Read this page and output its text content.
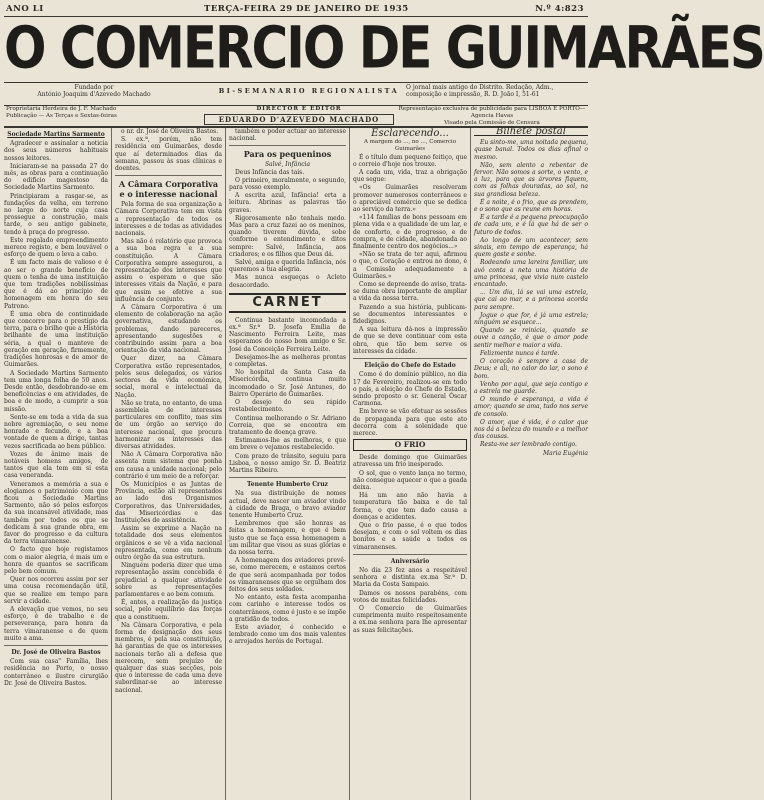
ANO LI	TERÇA-FEIRA 29 DE JANEIRO DE 1935	N.º 4:823
O COMERCIO DE GUIMARÃES
Fundado por
António Joaquim d'Azevedo Machado	BI-SEMANARIO REGIONALISTA	O jornal mais antigo do Distrito. Redação, Adm., composição e impressão, R. D. João I, 51-61
Proprietária Herdeira de J. F. Machado
Publicação — As Terças e Sextas-feiras
DIRECTOR E EDITOR
EDUARDO D'AZEVEDO MACHADO
Representação exclusiva de publicidade para LISBOA E PORTO—Agencia Havas
Visado pela Comissão de Censura
Sociedade Martins Sarmento

Agradecer e assinalar a noticia dos seus números habituais nossos leitores.

Iniciaram-se na passada 27 do mês, as obras para a continuação do edifício magestoso da Sociedade Martins Sarmento.

Principiaram a rasgar-se, as fundações da velha, em terreno no largo do norte cuja casa prossegue a construção, mais tarde, o seu antigo gabinete, tendo à praça do progresso.

Este regalado empreendimento merece registo, e bem louvável o esforço de quem o leva a cabo.

É um facto mais de valioso e é ao ser o grande benefício de quem o tenha de uma instituição que tem tradições nobilíssimas que é dá ao princípio de homenagem em honra do seu Patrono.

É uma obra de continuidade que concorre para o prestígio da terra, para o brilho que a História brilhante de uma instituição séria, a qual o manteve de geração em geração, firmemente, tradições honrosas e de amor de Guimarães.

A Sociedade Martins Sarmento tem uma longa folha de 50 anos. Desde então, desdobrando-se em beneficências e em atividades, de boa e de modo, a cumprir a sua missão.

Sente-se em toda a vida da sua nobre agremiação, o seu nome honrado e fecundo, e a boa vontade de quem a dirige, tantas vezes sacrificada ao bem público.

Vozes de ânimo mais de notáveis homens amigos, de tantos que ela tem em si esta casa veneranda.

Veneramos a memória a sua e elogiamos o património com que ficou a Sociedade Martins Sarmento, não só pelos esforços da sua incansável atividade, mas também por todos os que se dedicam à sua grande obra, em favor do progresso e da cultura da terra vimaranense.

O facto que hoje registamos com o maior alegria, é mais um e honra de quantos se sacrificam pelo bem comum.

Quer nos ocorreu assim por ser uma cousa recomendação útil, que se realize em tempo para servir a cidade.

A elevação que vemos, no seu esforço, é de trabalho e de perseverança, para honra da terra vimaranense e de quem muito a ama.

Dr. José de Oliveira Bastos

Com sua casa" Família, lhes residência no Porto, o nosso conterrâneo e ilustre cirurgião Dr. José de Oliveira Bastos.

o nr. dr. José de Oliveira Bastos.

S. ex.ª, porém, não tem residência em Guimarães, desde que aí determinados dias da semana, passou às suas clínicas e doentes.

A Câmara Corporativa e o interesse nacional

Pela forma de sua organização a Câmara Corporativa tem em vista a representação de todos os interesses e de todas as atividades nacionais.

Mas não é relatório que provoca a sua boa regra e a sua constituição. A Câmara Corporativa sempre assegurou, a representação dos interesses que assim o esperam e que são interesses vitais da Nação, e para que assim se efetive a sua influência de conjunto.

A Câmara Corporativa é um elemento de colaboração na ação governativa, estudando os problemas, dando pareceres, apresentando sugestões e contribuindo assim para a boa orientação da vida nacional.

Quer dizer, na Câmara Corporativa estão representados, pelos seus delegados, os vários sectores da vida económica, social, moral e intelectual da Nação.

Não se trata, no entanto, de uma assembleia de interesses particulares em conflito, mas sim de um órgão ao serviço do interesse nacional, que procura harmonizar os interesses das diversas atividades.

Não A Câmara Corporativa não assenta num sistema que ponha em causa a unidade nacional; pelo contrário é um meio de a reforçar.

Os Municípios e as Juntas de Província, estão ali representados ao lado dos Organismos Corporativos, das Universidades, das Misericórdias e das Instituições de assistência.

Assim se exprime a Nação na totalidade dos seus elementos orgânicos e se vê a vida nacional representada, como em nenhum outro órgão da sua estrutura.

Ninguém poderia dizer que uma representação assim concebida é prejudicial a qualquer atividade sobre as representações parlamentares e ao bem comum.

É, antes, a realização da justiça social, pelo equilíbrio das forças que a constituem.

Na Câmara Corporativa, e pela forma de designação dos seus membros, é pela sua constituição, há garantias de que os interesses nacionais terão ali a defesa que merecem, sem prejuízo de qualquer das suas secções, pois que o interesse de cada uma deve subordinar-se ao interesse nacional.

também e poder actuar ao interesse nacional.

Para os pequeninos
Salvé, Infância

Deus Infância das tais.

O primeiro, moralmente, o segundo, para vosso exemplo.

A escrita azul, Infância! erta a leitura. Abrinas as palavras tão graves.

Rigorosamente não tenhais medo. Mas para a cruz fazei ao os meninos, quando tiverem dúvida, sobe conforme o entendimento e ditos sempre: Salvé, Infância, aos criadores; e os filhos que Deus dá.

Salvé, amiga e querida Infância, nós queremos a tua alegria.

Mas nunca esqueças o Acleto desacordado.

CARNET

Continua bastante incomodada a ex.ª Sr.ª D. Josefa Emília de Nascimento Ferreira Leite, mas esperamos do nosso bom amigo e Sr. José da Conceição Ferreira Leite.

Desejamos-lhe as melhoras prontas e completas.

No hospital da Santa Casa da Misericórdia, continua muito incomodado o Sr. José Antunes, do Bairro Operário de Guimarães.

O desejo do seu rápido restabelecimento.

Continua melhorando o Sr. Adriano Correia, que se encontra em tratamento de doença grave.

Estimamos-lhe as melhoras, e que em breve o vejamos restabelecido.

Com prazo de trânsito, seguiu para Lisboa, o nosso amigo Sr. D. Beatriz Martins Ribeiro.

Tenente Humberto Cruz

Na sua distribuição de nomes actual, deve nascer um aviador vindo à cidade de Braga, o bravo aviador tenente Humberto Cruz.

Lembremos que são honras as feitas a homenagem, e que é bem justo que se faça essa homenagem a um militar que visou as suas glórias e da nossa terra.

A homenagem dos aviadores prevê-se, como merecem, e estamos certos de que será acompanhada por todos os vimaranenses que se orgulham dos feitos dos seus soldados.

No entanto, esta festa acompanha com carinho e interesse todos os conterrâneos, como é justo e se impõe a gratidão de todos.

Este aviador, é conhecido e lembrado como um dos mais valentes e arrojados heróis de Portugal.

Esclarecendo...
A margem do ..., no ..., Comercio Guimarães

É o título dum pequeno feitiço, que o correio d'hoje nos trouxe.

A cada um, vida, traz a obrigação que segue:

«Os Guimarães resolveram promover numerosos conterrâneos e o apreciável comércio que se dedica ao serviço da terra.»

«114 famílias de bons pessoam em plena vida e a qualidade de um lar, e de conforto, e de progresso, e de compra, e de cidade, abandonada ao finalmente centro dos negócios...»

«Não se trata de ter aqui, afirmou o que, o Coração e entrou no dono, é a Comissão adequadamente a Guimarães.»

Como se depreende do aviso, trata-se duma obra importante de ampliar a vida da nossa terra.

Fazendo a sua história, publicam-se documentos interessantes e fidedignos.

A sua leitura dá-nos a impressão de que se deve continuar com esta obra, que tão bem serve os interesses da cidade.

Eleição do Chefe do Estado

Como é do domínio público, no dia 17 de Fevereiro, realizou-se em todo o país, a eleição do Chefe do Estado, sendo proposto o sr. General Óscar Carmona.

Em breve se vão efetuar as sessões de propaganda para que este ato decorra com a solenidade que merece.

O FRIO

Desde domingo que Guimarães atravessa um frio inesperado.

O sol, que o vento lança no termo, não consegue aquecer o que a geada deixa.

Há um ano não havia a temperatura tão baixa e de tal forma, o que tem dado causa a doenças e acidentes.

Que o frio passe, é o que todos desejam, e com o sol voltem os dias bonitos e a saúde a todos os vimaranenses.

Aniversário

No dia 23 fez anos a respeitável senhora e distinta ex.ma Sr.ª D. Maria da Costa Sampaio.

Damos os nossos parabéns, com votos de muitas felicidades.

O Comercio de Guimarães cumprimenta muito respeitosamente a ex.ma senhora para lhe apresentar as suas felicitações.

Bilhete postal

Eu sinto-me, uma noitada pequena, quase banal. Todos os dias afinal o mesmo.

Não, sem alento a rebentar de fervor. Não somos a sorte, o vento, e a luz, para que as árvores fiquem, com as folhas douradas, ao sol, na sua grandiosa beleza.

É a noite, é o frio, que as prendem, e o sono que as reune em horas.

E a tarde é a pequena preocupação de cada um, e é lá que há de ser o futuro de todos.

Ao longo de um acontecer, sem sinais, em tempo de esperança, há quem goste e sonhe.

Rodeando uma lareira familiar, um avô conta a neta uma história de uma princesa, que vivia num castelo encantado.

... Um dia, lá se vai uma estrela, que cai ao mar, e a princesa acorda para sempre.

Jogue o que for, é já uma estrela; ninguém se esquece...

Quando se reinicia, quando se ouve a canção, é que o amor pode sentir melhor e maior a vida.

Felizmente nunca é tarde.

O coração é sempre a casa de Deus; e ali, no calor do lar, o sono é bom.

Venho por aqui, que seja contigo e a estrela me guarde.

O mundo é esperança, a vida é amor; quando se ama, tudo nos serve de consolo.

O amor, que é vida, é o calor que nos dá a beleza do mundo e a melhor das cousas.

Resta-me ser lembrado contigo.

Maria Eugénia
